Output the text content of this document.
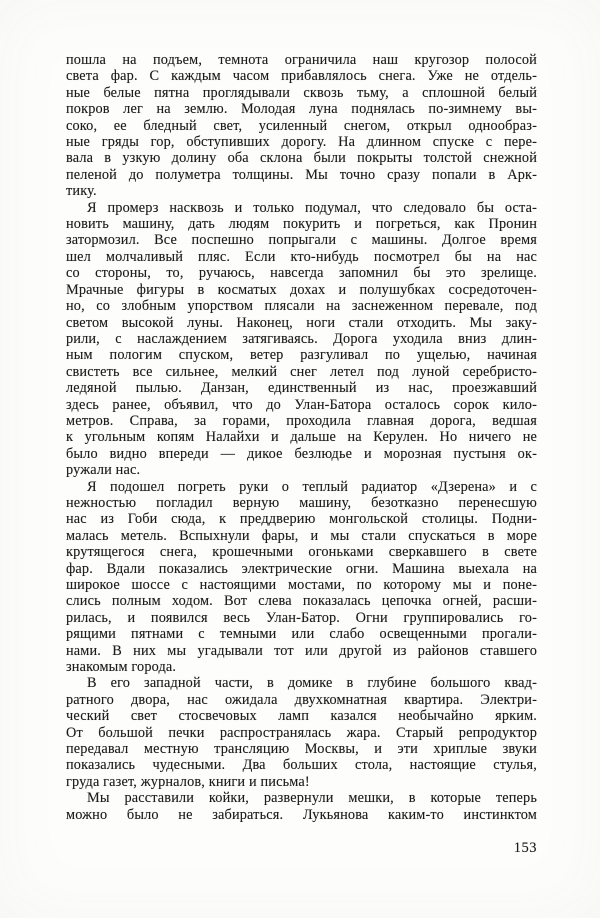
пошла на подъем, темнота ограничила наш кругозор полосой
света фар. С каждым часом прибавлялось снега. Уже не отдель-
ные белые пятна проглядывали сквозь тьму, а сплошной белый
покров лег на землю. Молодая луна поднялась по-зимнему вы-
соко, ее бледный свет, усиленный снегом, открыл однообраз-
ные гряды гор, обступивших дорогу. На длинном спуске с пере-
вала в узкую долину оба склона были покрыты толстой снежной
пеленой до полуметра толщины. Мы точно сразу попали в Арк-
тику.
Я промерз насквозь и только подумал, что следовало бы оста-
новить машину, дать людям покурить и погреться, как Пронин
затормозил. Все поспешно попрыгали с машины. Долгое время
шел молчаливый пляс. Если кто-нибудь посмотрел бы на нас
со стороны, то, ручаюсь, навсегда запомнил бы это зрелище.
Мрачные фигуры в косматых дохах и полушубках сосредоточен-
но, со злобным упорством плясали на заснеженном перевале, под
светом высокой луны. Наконец, ноги стали отходить. Мы заку-
рили, с наслаждением затягиваясь. Дорога уходила вниз длин-
ным пологим спуском, ветер разгуливал по ущелью, начиная
свистеть все сильнее, мелкий снег летел под луной серебристо-
ледяной пылью. Данзан, единственный из нас, проезжавший
здесь ранее, объявил, что до Улан-Батора осталось сорок кило-
метров. Справа, за горами, проходила главная дорога, ведшая
к угольным копям Налайхи и дальше на Керулен. Но ничего не
было видно впереди — дикое безлюдье и морозная пустыня ок-
ружали нас.
Я подошел погреть руки о теплый радиатор «Дзерена» и с
нежностью погладил верную машину, безотказно перенесшую
нас из Гоби сюда, к преддверию монгольской столицы. Подни-
малась метель. Вспыхнули фары, и мы стали спускаться в море
крутящегося снега, крошечными огоньками сверкавшего в свете
фар. Вдали показались электрические огни. Машина выехала на
широкое шоссе с настоящими мостами, по которому мы и поне-
слись полным ходом. Вот слева показалась цепочка огней, расши-
рилась, и появился весь Улан-Батор. Огни группировались го-
рящими пятнами с темными или слабо освещенными прогали-
нами. В них мы угадывали тот или другой из районов ставшего
знакомым города.
В его западной части, в домике в глубине большого квад-
ратного двора, нас ожидала двухкомнатная квартира. Электри-
ческий свет стосвечовых ламп казался необычайно ярким.
От большой печки распространялась жара. Старый репродуктор
передавал местную трансляцию Москвы, и эти хриплые звуки
показались чудесными. Два больших стола, настоящие стулья,
груда газет, журналов, книги и письма!
Мы расставили койки, развернули мешки, в которые теперь
можно было не забираться. Лукьянова каким-то инстинктом
153
